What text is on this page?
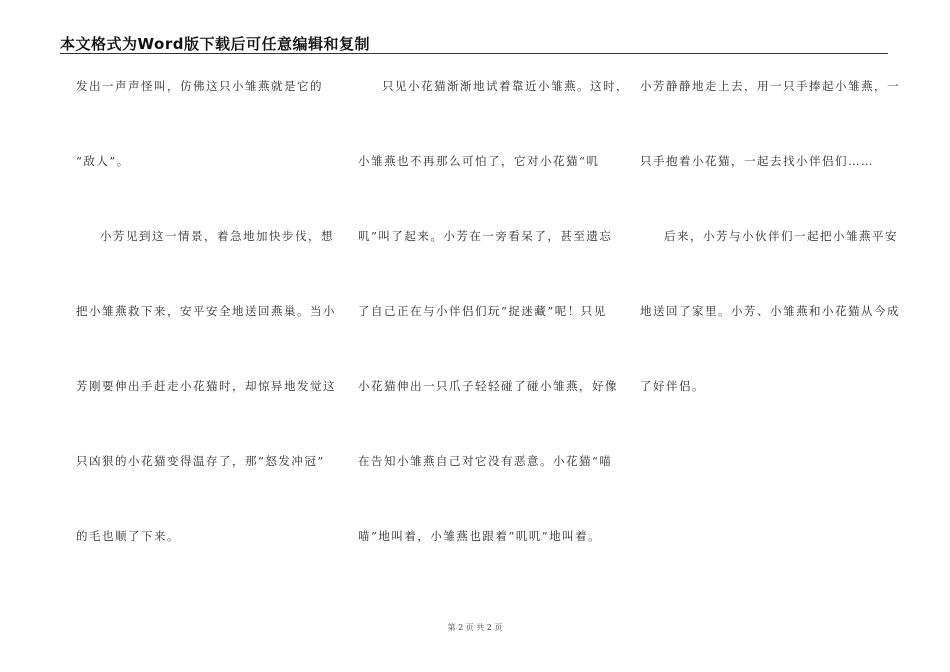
本文格式为Word版下载后可任意编辑和复制
发出一声声怪叫，仿佛这只小雏燕就是它的
“敌人”。
小芳见到这一情景，着急地加快步伐，想
把小雏燕救下来，安平安全地送回燕巢。当小
芳刚要伸出手赶走小花猫时，却惊异地发觉这
只凶狠的小花猫变得温存了，那“怒发冲冠”
的毛也顺了下来。
只见小花猫渐渐地试着靠近小雏燕。这时，
小雏燕也不再那么可怕了，它对小花猫“叽
叽”叫了起来。小芳在一旁看呆了，甚至遗忘
了自己正在与小伴侣们玩“捉迷藏”呢！只见
小花猫伸出一只爪子轻轻碰了碰小雏燕，好像
在告知小雏燕自己对它没有恶意。小花猫“喵
喵”地叫着，小雏燕也跟着“叽叽”地叫着。
小芳静静地走上去，用一只手捧起小雏燕，一
只手抱着小花猫，一起去找小伴侣们……
后来，小芳与小伙伴们一起把小雏燕平安
地送回了家里。小芳、小雏燕和小花猫从今成
了好伴侣。
第 2 页 共 2 页
